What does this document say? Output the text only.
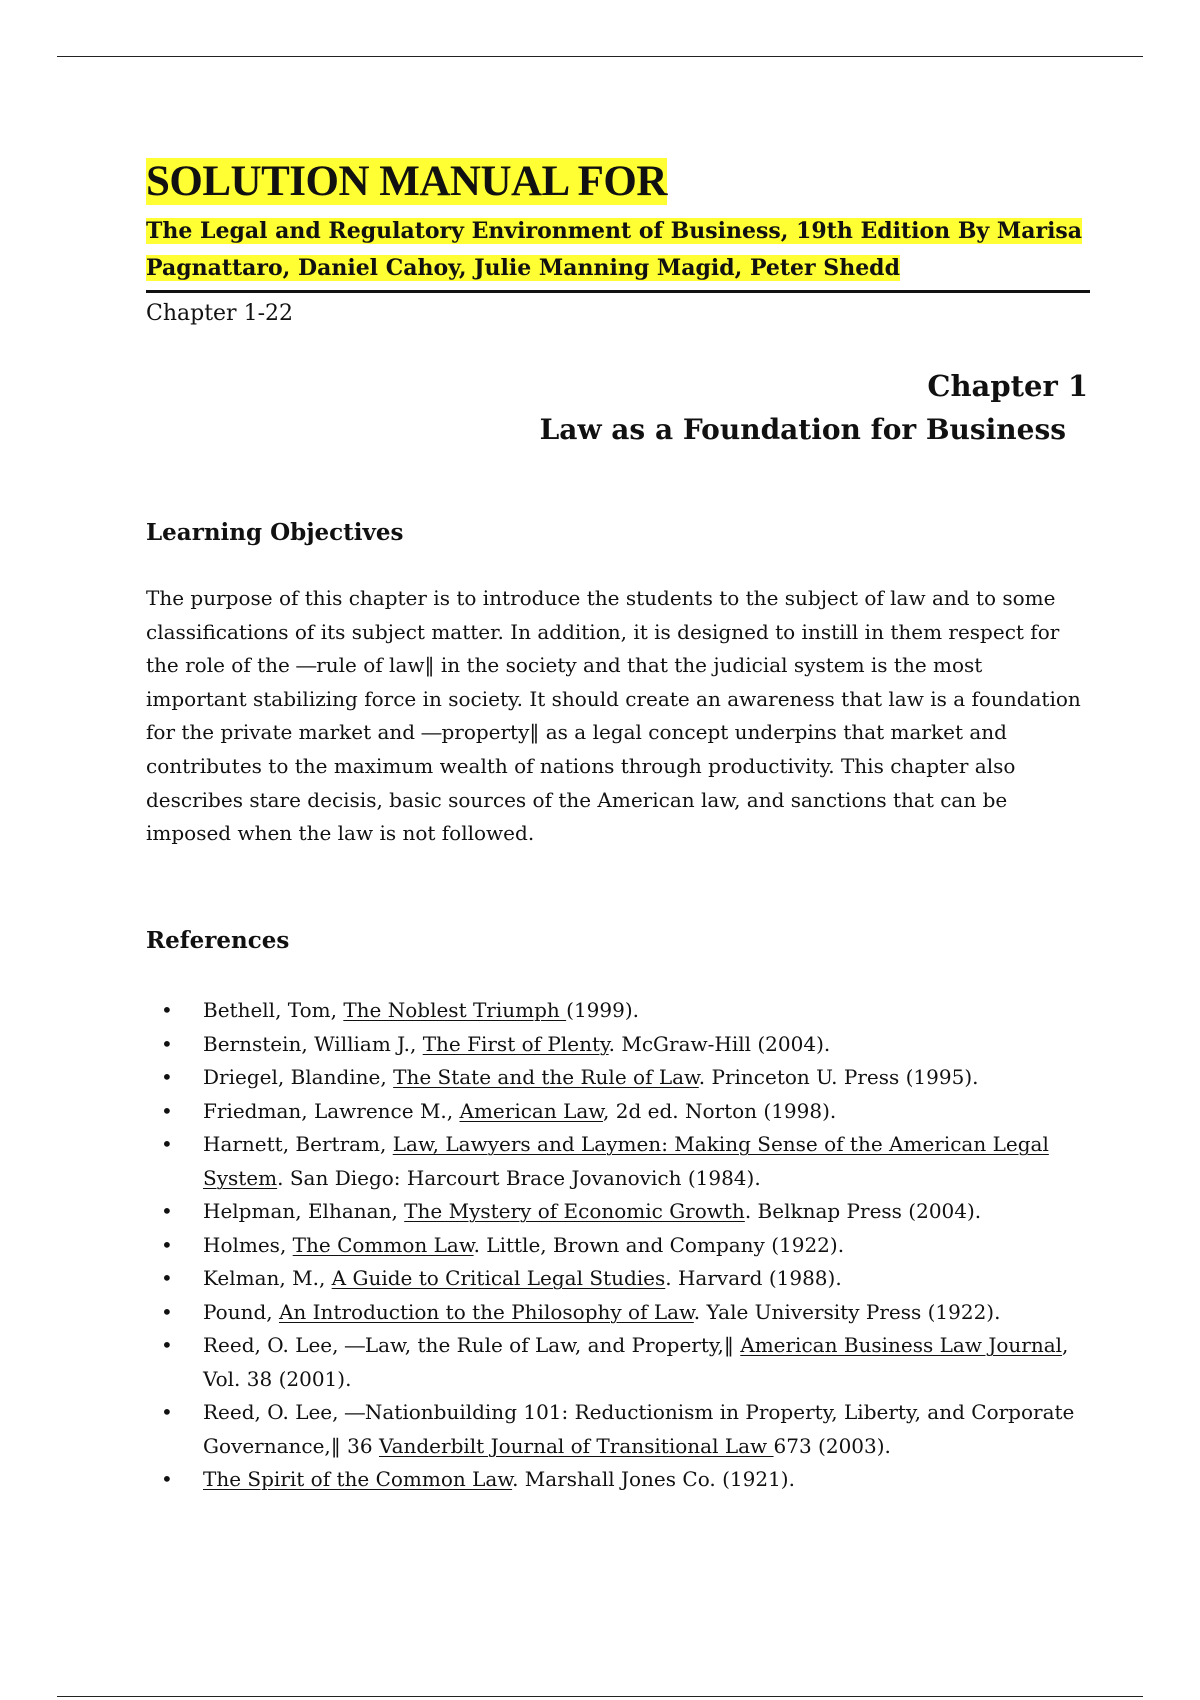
SOLUTION MANUAL FOR
The Legal and Regulatory Environment of Business, 19th Edition By Marisa
Pagnattaro, Daniel Cahoy, Julie Manning Magid, Peter Shedd
Chapter 1-22
Chapter 1
Law as a Foundation for Business
Learning Objectives
The purpose of this chapter is to introduce the students to the subject of law and to some classifications of its subject matter. In addition, it is designed to instill in them respect for the role of the ―rule of law‖ in the society and that the judicial system is the most important stabilizing force in society. It should create an awareness that law is a foundation for the private market and ―property‖ as a legal concept underpins that market and contributes to the maximum wealth of nations through productivity. This chapter also describes stare decisis, basic sources of the American law, and sanctions that can be imposed when the law is not followed.
References
• Bethell, Tom, The Noblest Triumph (1999).
• Bernstein, William J., The First of Plenty. McGraw-Hill (2004).
• Driegel, Blandine, The State and the Rule of Law. Princeton U. Press (1995).
• Friedman, Lawrence M., American Law, 2d ed. Norton (1998).
• Harnett, Bertram, Law, Lawyers and Laymen: Making Sense of the American Legal System. San Diego: Harcourt Brace Jovanovich (1984).
• Helpman, Elhanan, The Mystery of Economic Growth. Belknap Press (2004).
• Holmes, The Common Law. Little, Brown and Company (1922).
• Kelman, M., A Guide to Critical Legal Studies. Harvard (1988).
• Pound, An Introduction to the Philosophy of Law. Yale University Press (1922).
• Reed, O. Lee, ―Law, the Rule of Law, and Property,‖ American Business Law Journal, Vol. 38 (2001).
• Reed, O. Lee, ―Nationbuilding 101: Reductionism in Property, Liberty, and Corporate Governance,‖ 36 Vanderbilt Journal of Transitional Law 673 (2003).
• The Spirit of the Common Law. Marshall Jones Co. (1921).
